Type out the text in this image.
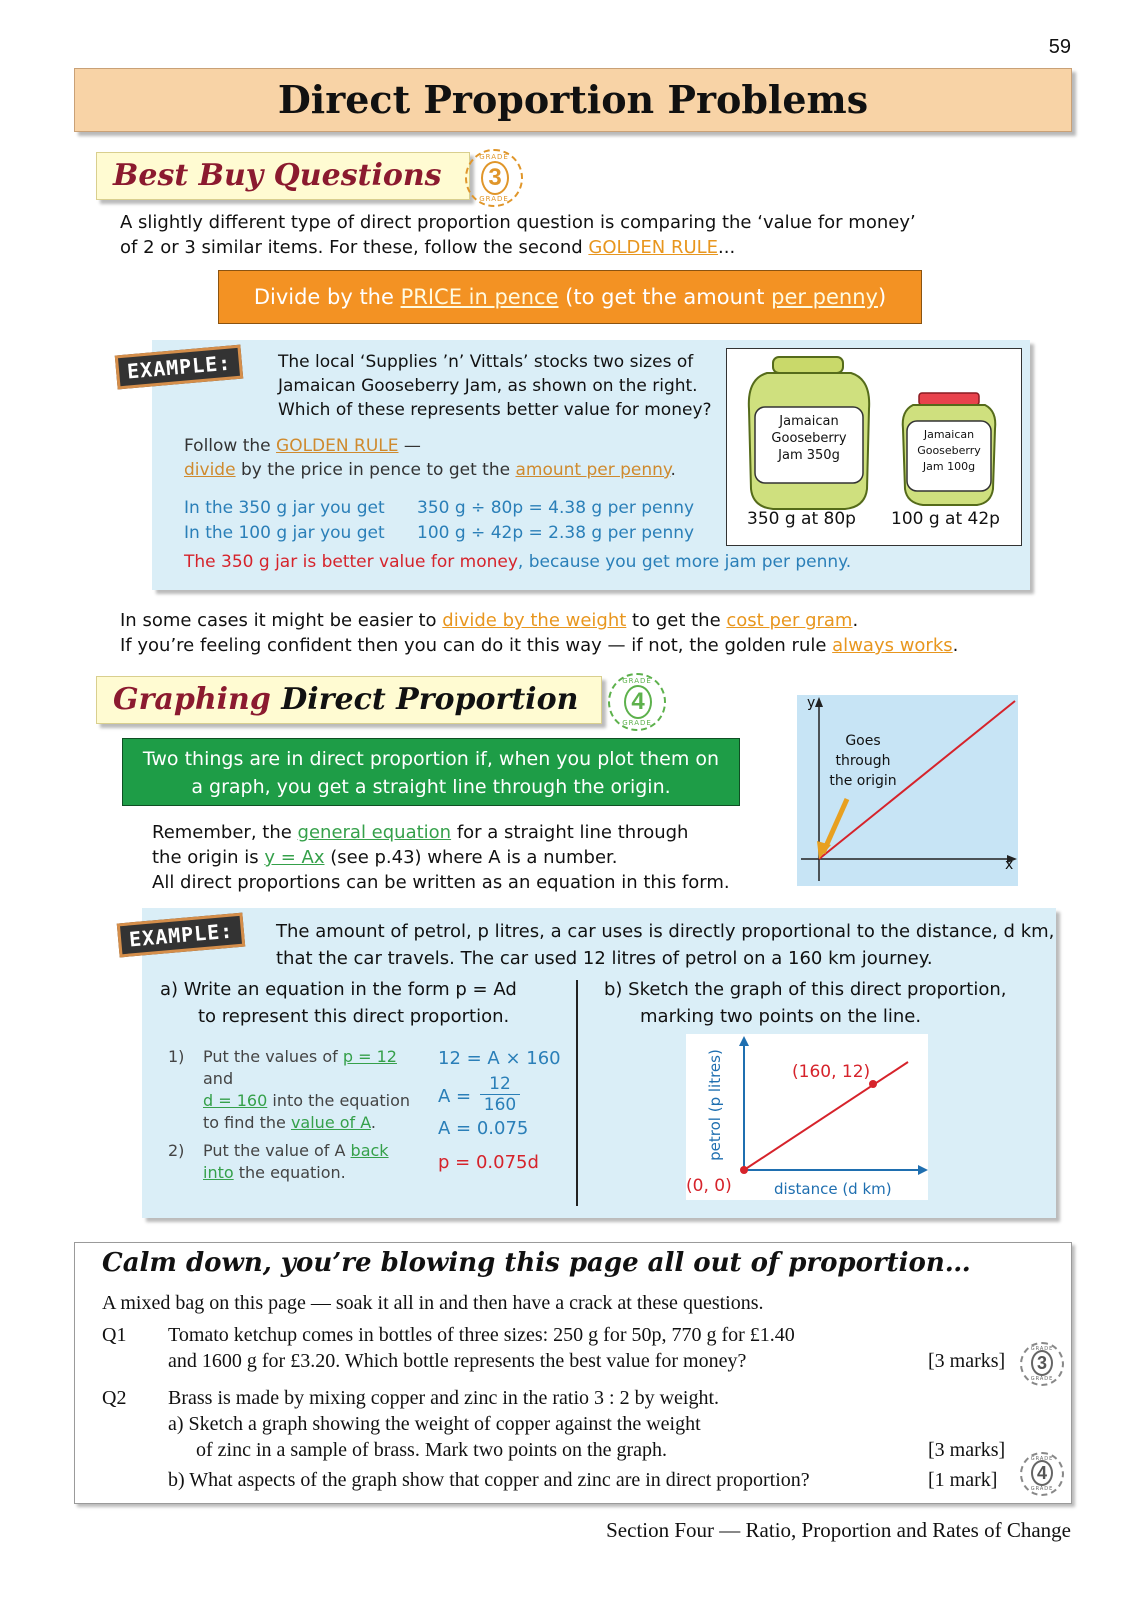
59
Direct Proportion Problems
Best Buy Questions
GRADE
3
GRADE
A slightly different type of direct proportion question is comparing the ‘value for money’
of 2 or 3 similar items. For these, follow the second GOLDEN RULE...
Divide by the PRICE in pence (to get the amount per penny)
EXAMPLE:	The local ‘Supplies ’n’ Vittals’ stocks two sizes of
Jamaican Gooseberry Jam, as shown on the right.
Which of these represents better value for money?
Follow the GOLDEN RULE —
divide by the price in pence to get the amount per penny.
In the 350 g jar you get 350 g ÷ 80p = 4.38 g per penny
In the 100 g jar you get 100 g ÷ 42p = 2.38 g per penny
The 350 g jar is better value for money, because you get more jam per penny.
Jamaican Gooseberry Jam 350g
Jamaican Gooseberry Jam 100g
350 g at 80p 100 g at 42p
In some cases it might be easier to divide by the weight to get the cost per gram.
If you’re feeling confident then you can do it this way — if not, the golden rule always works.
Graphing Direct Proportion
GRADE
4
GRADE
Two things are in direct proportion if, when you plot them on
a graph, you get a straight line through the origin.
Remember, the general equation for a straight line through
the origin is y = Ax (see p.43) where A is a number.
All direct proportions can be written as an equation in this form.
y
x
Goes
through
the origin
EXAMPLE:	The amount of petrol, p litres, a car uses is directly proportional to the distance, d km,
that the car travels. The car used 12 litres of petrol on a 160 km journey.
a) Write an equation in the form p = Ad
to represent this direct proportion.
b) Sketch the graph of this direct proportion,
marking two points on the line.
1) Put the values of p = 12 and
d = 160 into the equation
to find the value of A.
2) Put the value of A back
into the equation.
12 = A × 160
$A = \frac{12}{160}$
A = 0.075
p = 0.075d
(160, 12)
(0, 0)	distance (d km)
petrol (p litres)
Calm down, you’re blowing this page all out of proportion…
A mixed bag on this page — soak it all in and then have a crack at these questions.
Q1 Tomato ketchup comes in bottles of three sizes: 250 g for 50p, 770 g for £1.40
and 1600 g for £3.20. Which bottle represents the best value for money?	[3 marks]
GRADE
3
GRADE
Q2 Brass is made by mixing copper and zinc in the ratio 3 : 2 by weight.
a) Sketch a graph showing the weight of copper against the weight
of zinc in a sample of brass. Mark two points on the graph.
b) What aspects of the graph show that copper and zinc are in direct proportion?
[3 marks]
[1 mark]
GRADE
4
GRADE
Section Four — Ratio, Proportion and Rates of Change
